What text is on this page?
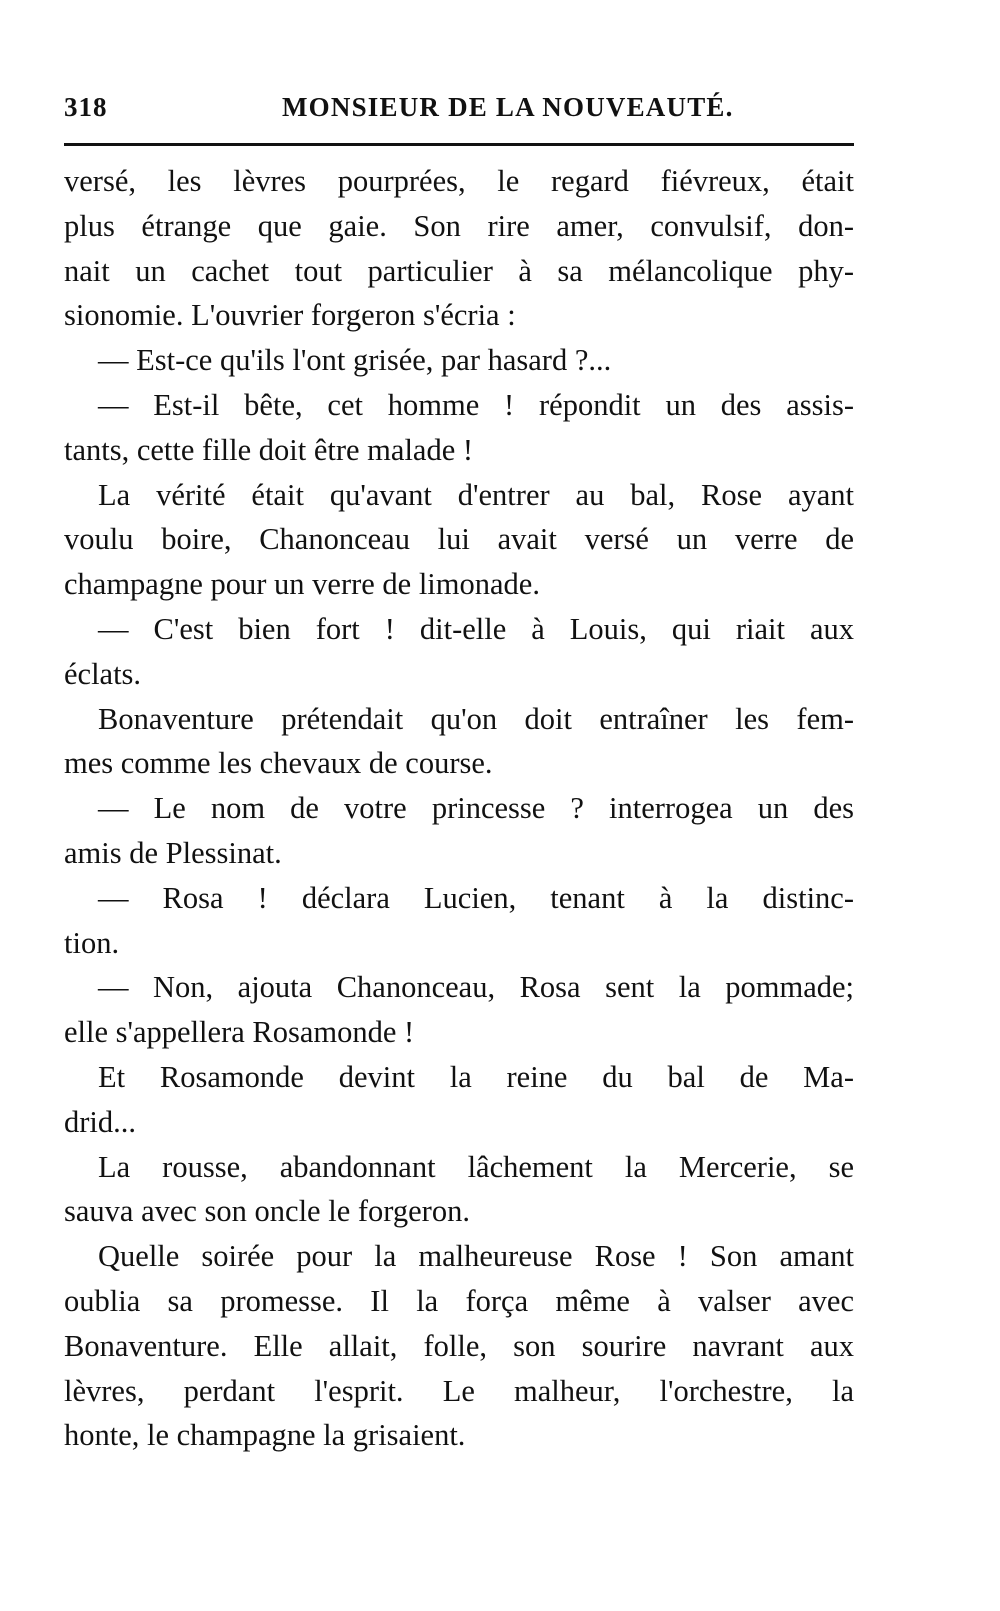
318	MONSIEUR DE LA NOUVEAUTÉ.
versé, les lèvres pourprées, le regard fiévreux, était
plus étrange que gaie. Son rire amer, convulsif, don-
nait un cachet tout particulier à sa mélancolique phy-
sionomie. L'ouvrier forgeron s'écria :
— Est-ce qu'ils l'ont grisée, par hasard ?...
— Est-il bête, cet homme ! répondit un des assis-
tants, cette fille doit être malade !
La vérité était qu'avant d'entrer au bal, Rose ayant
voulu boire, Chanonceau lui avait versé un verre de
champagne pour un verre de limonade.
— C'est bien fort ! dit-elle à Louis, qui riait aux
éclats.
Bonaventure prétendait qu'on doit entraîner les fem-
mes comme les chevaux de course.
— Le nom de votre princesse ? interrogea un des
amis de Plessinat.
— Rosa ! déclara Lucien, tenant à la distinc-
tion.
— Non, ajouta Chanonceau, Rosa sent la pommade;
elle s'appellera Rosamonde !
Et Rosamonde devint la reine du bal de Ma-
drid...
La rousse, abandonnant lâchement la Mercerie, se
sauva avec son oncle le forgeron.
Quelle soirée pour la malheureuse Rose ! Son amant
oublia sa promesse. Il la força même à valser avec
Bonaventure. Elle allait, folle, son sourire navrant aux
lèvres, perdant l'esprit. Le malheur, l'orchestre, la
honte, le champagne la grisaient.
